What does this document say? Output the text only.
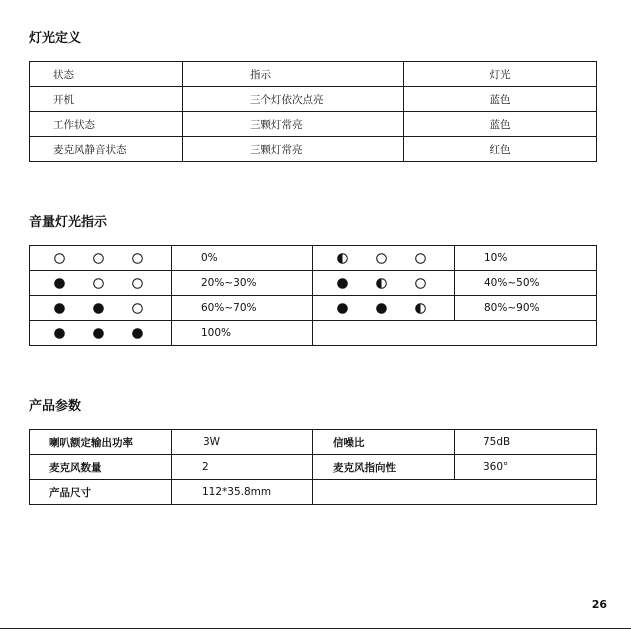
灯光定义
状态	指示	灯光
开机	三个灯依次点亮	蓝色
工作状态	三颗灯常亮	蓝色
麦克风静音状态	三颗灯常亮	红色
音量灯光指示
	0%		10%

	20%~30%		40%~50%

	60%~70%		80%~90%

	100%		
产品参数
喇叭额定输出功率	3W	信噪比	75dB
麦克风数量	2	麦克风指向性	360°
产品尺寸	112*35.8mm		
26
